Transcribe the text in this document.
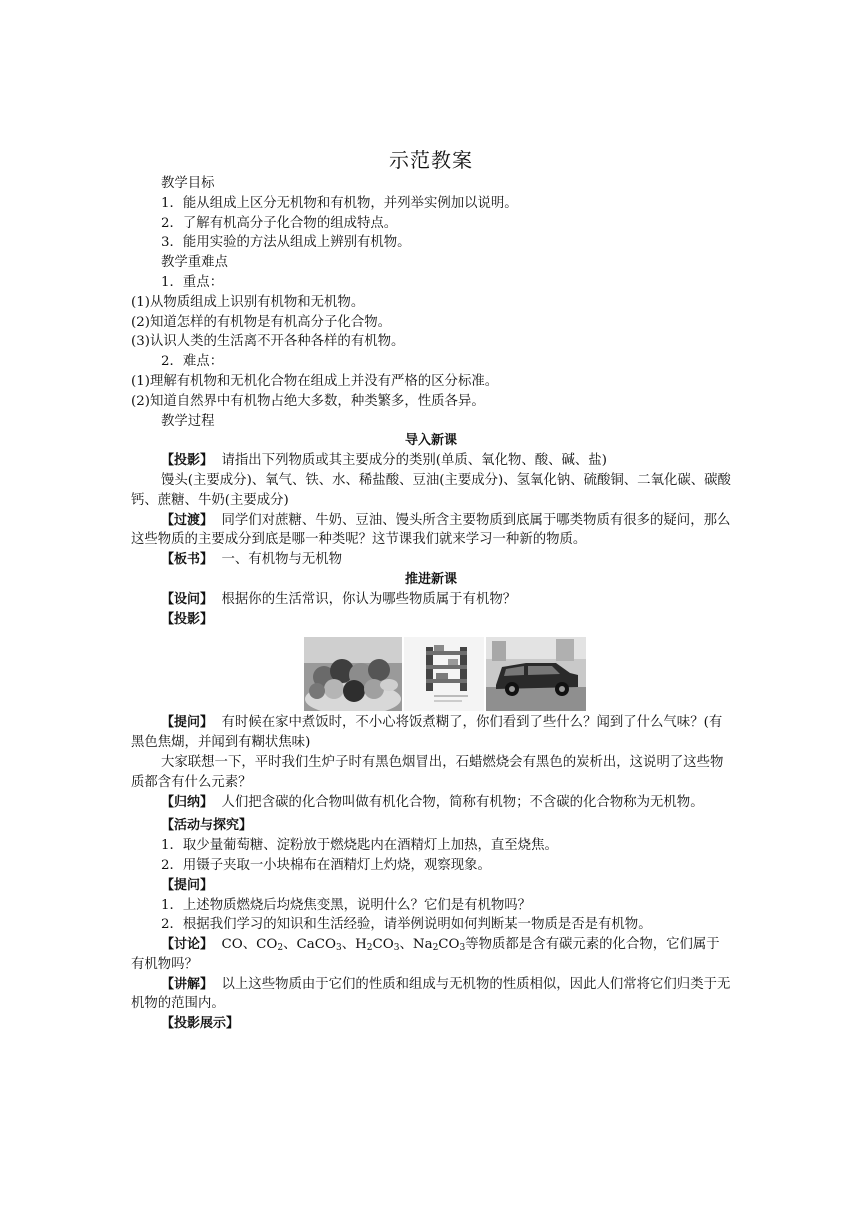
示范教案

教学目标

1．能从组成上区分无机物和有机物，并列举实例加以说明。

2．了解有机高分子化合物的组成特点。

3．能用实验的方法从组成上辨别有机物。

教学重难点

1．重点：

(1)从物质组成上识别有机物和无机物。

(2)知道怎样的有机物是有机高分子化合物。

(3)认识人类的生活离不开各种各样的有机物。

2．难点：

(1)理解有机物和无机化合物在组成上并没有严格的区分标准。

(2)知道自然界中有机物占绝大多数，种类繁多，性质各异。

教学过程

导入新课

【投影】 请指出下列物质或其主要成分的类别(单质、氧化物、酸、碱、盐)

馒头(主要成分)、氧气、铁、水、稀盐酸、豆油(主要成分)、氢氧化钠、硫酸铜、二氧化碳、碳酸钙、蔗糖、牛奶(主要成分)

【过渡】 同学们对蔗糖、牛奶、豆油、馒头所含主要物质到底属于哪类物质有很多的疑问，那么这些物质的主要成分到底是哪一种类呢？这节课我们就来学习一种新的物质。

【板书】 一、有机物与无机物

推进新课

【设问】 根据你的生活常识，你认为哪些物质属于有机物？

【投影】

【提问】 有时候在家中煮饭时，不小心将饭煮糊了，你们看到了些什么？闻到了什么气味？(有黑色焦煳，并闻到有糊状焦味)

大家联想一下，平时我们生炉子时有黑色烟冒出，石蜡燃烧会有黑色的炭析出，这说明了这些物质都含有什么元素？

【归纳】 人们把含碳的化合物叫做有机化合物，简称有机物；不含碳的化合物称为无机物。

【活动与探究】

1．取少量葡萄糖、淀粉放于燃烧匙内在酒精灯上加热，直至烧焦。

2．用镊子夹取一小块棉布在酒精灯上灼烧，观察现象。

【提问】

1．上述物质燃烧后均烧焦变黑，说明什么？它们是有机物吗？

2．根据我们学习的知识和生活经验，请举例说明如何判断某一物质是否是有机物。

【讨论】 CO、$CO_2$、CaCO$_3$、$H_2CO_3$、$Na_2CO_3$等物质都是含有碳元素的化合物，它们属于有机物吗？

【讲解】 以上这些物质由于它们的性质和组成与无机物的性质相似，因此人们常将它们归类于无机物的范围内。

【投影展示】
